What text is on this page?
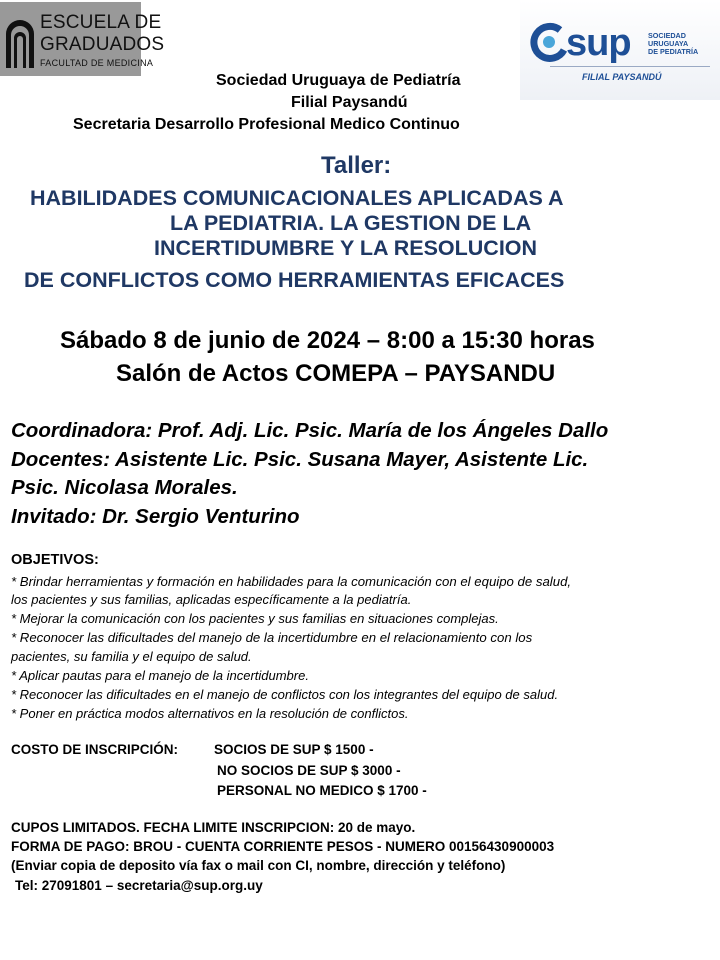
ESCUELA DE
GRADUADOS
FACULTAD DE MEDICINA	sup SOCIEDAD
URUGUAYA
DE PEDIATRÍA
FILIAL PAYSANDÚ
Sociedad Uruguaya de Pediatría
Filial Paysandú
Secretaria Desarrollo Profesional Medico Continuo
Taller:
HABILIDADES COMUNICACIONALES APLICADAS A
LA PEDIATRIA. LA GESTION DE LA
INCERTIDUMBRE Y LA RESOLUCION
DE CONFLICTOS COMO HERRAMIENTAS EFICACES
Sábado 8 de junio de 2024 – 8:00 a 15:30 horas
Salón de Actos COMEPA – PAYSANDU
Coordinadora: Prof. Adj. Lic. Psic. María de los Ángeles Dallo
Docentes: Asistente Lic. Psic. Susana Mayer, Asistente Lic.
Psic. Nicolasa Morales.
Invitado: Dr. Sergio Venturino
OBJETIVOS:
* Brindar herramientas y formación en habilidades para la comunicación con el equipo de salud,
los pacientes y sus familias, aplicadas específicamente a la pediatría.
* Mejorar la comunicación con los pacientes y sus familias en situaciones complejas.
* Reconocer las dificultades del manejo de la incertidumbre en el relacionamiento con los
pacientes, su familia y el equipo de salud.
* Aplicar pautas para el manejo de la incertidumbre.
* Reconocer las dificultades en el manejo de conflictos con los integrantes del equipo de salud.
* Poner en práctica modos alternativos en la resolución de conflictos.
COSTO DE INSCRIPCIÓN:	SOCIOS DE SUP $ 1500 -
NO SOCIOS DE SUP $ 3000 -
PERSONAL NO MEDICO $ 1700 -
CUPOS LIMITADOS. FECHA LIMITE INSCRIPCION: 20 de mayo.
FORMA DE PAGO: BROU - CUENTA CORRIENTE PESOS - NUMERO 00156430900003
(Enviar copia de deposito vía fax o mail con CI, nombre, dirección y teléfono)
Tel: 27091801 – secretaria@sup.org.uy
